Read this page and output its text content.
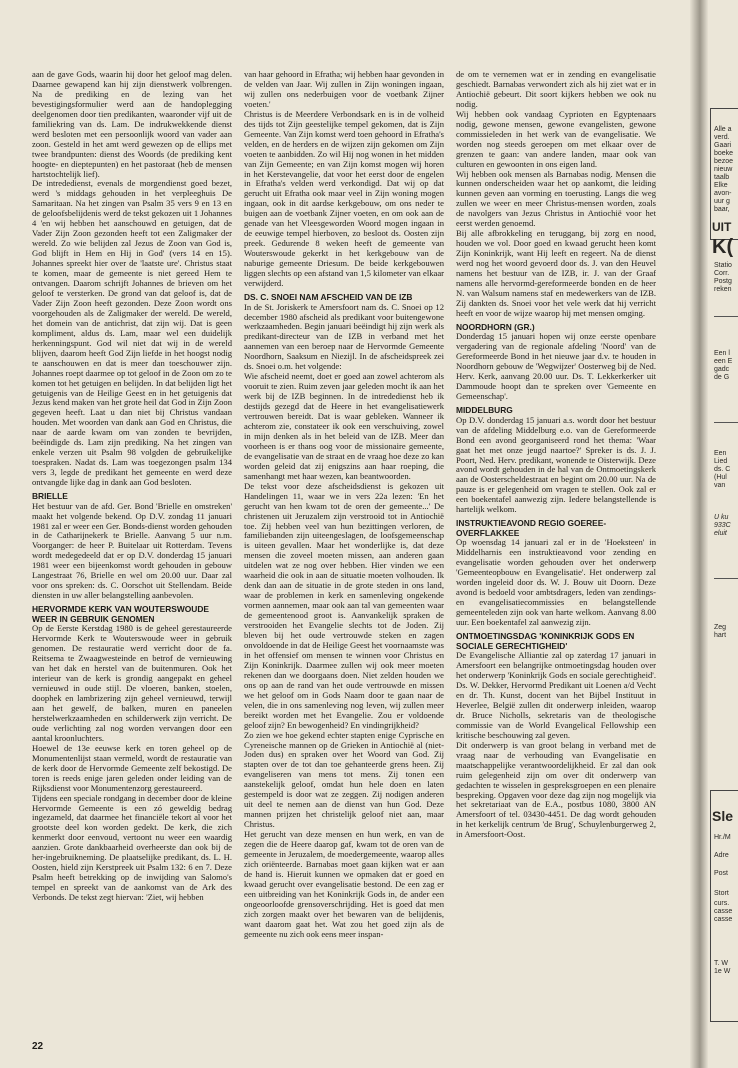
aan de gave Gods, waarin hij door het geloof mag delen. Daarnee gewapend kan hij zijn dienstwerk volbrengen. Na de prediking en de lezing van het bevestigingsformulier werd aan de handoplegging deelgenomen door tien predikanten, waaronder vijf uit de familiekring van ds. Lam. De indrukwekkende dienst werd besloten met een persoonlijk woord van vader aan zoon. Gesteld in het amt werd gewezen op de ellips met twee brandpunten: dienst des Woords (de prediking kent hoogte- en dieptepunten) en het pastoraat (heb de mensen hartstochtelijk lief).

De intrededienst, evenals de morgendienst goed bezet, werd 's middags gehouden in het verpleeghuis De Samaritaan. Na het zingen van Psalm 35 vers 9 en 13 en de geloofsbelijdenis werd de tekst gekozen uit 1 Johannes 4 'en wij hebben het aanschouwd en getuigen, dat de Vader Zijn Zoon gezonden heeft tot een Zaligmaker der wereld. Zo wie belijden zal Jezus de Zoon van God is, God blijft in Hem en Hij in God' (vers 14 en 15). Johannes spreekt hier over de 'laatste ure'. Christus staat te komen, maar de gemeente is niet gereed Hem te ontvangen. Daarom schrijft Johannes de brieven om het geloof te versterken. De grond van dat geloof is, dat de Vader Zijn Zoon heeft gezonden. Deze Zoon wordt ons voorgehouden als de Zaligmaker der wereld. De wereld, het domein van de antichrist, dat zijn wij. Dat is geen kompliment, aldus ds. Lam, maar wel een duidelijk herkenningspunt. God wil niet dat wij in de wereld blijven, daarom heeft God Zijn liefde in het hoogst nodig te aanschouwen en dat is meer dan toeschouwer zijn. Johannes roept daarmee op tot geloof in de Zoon om zo te komen tot het getuigen en belijden. In dat belijden ligt het getuigenis van de Heilige Geest en in het getuigenis dat Jezus kend maken van het grote heil dat God in Zijn Zoon gegeven heeft. Laat u dan niet bij Christus vandaan houden. Met woorden van dank aan God en Christus, die naar de aarde kwam om van zonden te bevrijden, beëindigde ds. Lam zijn prediking. Na het zingen van enkele verzen uit Psalm 98 volgden de gebruikelijke toespraken. Nadat ds. Lam was toegezongen psalm 134 vers 3, legde de predikant het gemeente en werd deze ontvangde lijke dag in dank aan God besloten.

BRIELLE

Het bestuur van de afd. Ger. Bond 'Brielle en omstreken' maakt het volgende bekend. Op D.V. zondag 11 januari 1981 zal er weer een Ger. Bonds-dienst worden gehouden in de Catharijnekerk te Brielle. Aanvang 5 uur n.m. Voorganger: de heer P. Buitelaar uit Rotterdam. Tevens wordt medegedeeld dat er op D.V. donderdag 15 januari 1981 weer een bijeenkomst wordt gehouden in gebouw Langestraat 76, Brielle en wel om 20.00 uur. Daar zal voor ons spreken: ds. C. Oorschot uit Stellendam. Beide diensten in uw aller belangstelling aanbevolen.

HERVORMDE KERK VAN WOUTERSWOUDE WEER IN GEBRUIK GENOMEN

Op de Eerste Kerstdag 1980 is de geheel gerestaureerde Hervormde Kerk te Wouterswoude weer in gebruik genomen. De restauratie werd verricht door de fa. Reitsema te Zwaagwesteinde en betrof de vernieuwing van het dak en herstel van de buitenmuren. Ook het interieur van de kerk is grondig aangepakt en geheel vernieuwd in oude stijl. De vloeren, banken, stoelen, doophek en lambrizering zijn geheel vernieuwd, terwijl aan het gewelf, de balken, muren en paneelen herstelwerkzaamheden en schilderwerk zijn verricht. De oude verlichting zal nog worden vervangen door een aantal kroonluchters.

Hoewel de 13e eeuwse kerk en toren geheel op de Monumentenlijst staan vermeld, wordt de restauratie van de kerk door de Hervormde Gemeente zelf bekostigd. De toren is reeds enige jaren geleden onder leiding van de Rijksdienst voor Monumentenzorg gerestaureerd.

Tijdens een speciale rondgang in december door de kleine Hervormde Gemeente is een zó geweldig bedrag ingezameld, dat daarmee het financiële tekort al voor het grootste deel kon worden gedekt. De kerk, die zich kenmerkt door eenvoud, vertoont nu weer een waardig aanzien. Grote dankbaarheid overheerste dan ook bij de her-ingebruikneming. De plaatselijke predikant, ds. L. H. Oosten, hield zijn Kerstpreek uit Psalm 132: 6 en 7. Deze Psalm heeft betrekking op de inwijding van Salomo's tempel en spreekt van de aankomst van de Ark des Verbonds. De tekst zegt hiervan: 'Ziet, wij hebben

van haar gehoord in Efratha; wij hebben haar gevonden in de velden van Jaar. Wij zullen in Zijn woningen ingaan, wij zullen ons nederbuigen voor de voetbank Zijner voeten.'

Christus is de Meerdere Verbondsark en is in de volheid des tijds tot Zijn geestelijke tempel gekomen, dat is Zijn Gemeente. Van Zijn komst werd toen gehoord in Efratha's velden, en de herders en de wijzen zijn gekomen om Zijn voeten te aanbidden. Zo wil Hij nog wonen in het midden van Zijn Gemeente; en van Zijn komst mogen wij horen in het Kerstevangelie, dat voor het eerst door de engelen in Efratha's velden werd verkondigd. Dat wij op dat gerucht uit Efratha ook maar veel in Zijn woning mogen ingaan, ook in dit aardse kerkgebouw, om ons neder te buigen aan de voetbank Zijner voeten, en om ook aan de genade van het Vleesgeworden Woord mogen ingaan in de eeuwige tempel hierboven, zo besloot ds. Oosten zijn preek. Gedurende 8 weken heeft de gemeente van Wouterswoude gekerkt in het kerkgebouw van de naburige gemeente Driesum. De beide kerkgebouwen liggen slechts op een afstand van 1,5 kilometer van elkaar verwijderd.

DS. C. SNOEI NAM AFSCHEID VAN DE IZB

In de St. Joriskerk te Amersfoort nam ds. C. Snoei op 12 december 1980 afscheid als predikant voor buitengewone werkzaamheden. Begin januari beëindigt hij zijn werk als predikant-directeur van de IZB in verband met het aannemen van een beroep naar de Hervormde Gemeente Noordhorn, Saaksum en Niezijl. In de afscheidspreek zei ds. Snoei o.m. het volgende:

Wie afscheid neemt, doet er goed aan zowel achterom als vooruit te zien. Ruim zeven jaar geleden mocht ik aan het werk bij de IZB beginnen. In de intrededienst heb ik destijds gezegd dat de Heere in het evangelisatiewerk vertrouwen bereidt. Dat is waar gebleken. Wanneer ik achterom zie, constateer ik ook een verschuiving, zowel in mijn denken als in het beleid van de IZB. Meer dan voorheen is er thans oog voor de missionaire gemeente, de evangelisatie van de straat en de vraag hoe deze zo kan worden geleid dat zij enigszins aan haar roeping, die samenhangt met haar wezen, kan beantwoorden.

De tekst voor deze afscheidsdienst is gekozen uit Handelingen 11, waar we in vers 22a lezen: 'En het gerucht van hen kwam tot de oren der gemeente...' De christenen uit Jeruzalem zijn verstrooid tot in Antiochië toe. Zij hebben veel van hun bezittingen verloren, de familiebanden zijn uiteengeslagen, de loofsgemeenschap is uiteen gevallen. Maar het wonderlijke is, dat deze mensen die zoveel moeten missen, aan anderen gaan uitdelen wat ze nog over hebben. Hier vinden we een waarheid die ook in aan de situatie moeten volhouden. Ik denk dan aan de situatie in de grote steden in ons land, waar de problemen in kerk en samenleving ongekende vormen aannemen, maar ook aan tal van gemeenten waar de gemeentenood groot is. Aanvankelijk spraken de verstrooiden het Evangelie slechts tot de Joden. Zij bleven bij het oude vertrouwde steken en zagen onvoldoende in dat de Heilige Geest het voornaamste was in het offensief om mensen te winnen voor Christus en Zijn Koninkrijk. Daarmee zullen wij ook meer moeten rekenen dan we doorgaans doen. Niet zelden houden we ons op aan de rand van het oude vertrouwde en missen we het geloof om in Gods Naam door te gaan naar de velen, die in ons samenleving nog leven, wij zullen meer bereikt worden met het Evangelie. Zou er voldoende geloof zijn? En bewogenheid? En vindingrijkheid?

Zo zien we hoe gekend echter stapten enige Cyprische en Cyreneische mannen op de Grieken in Antiochië al (niet-Joden dus) en spraken over het Woord van God. Zij stapten over de tot dan toe gehanteerde grens heen. Zij evangeliseren van mens tot mens. Zij tonen een aanstekelijk geloof, omdat hun hele doen en laten gestempeld is door wat ze zeggen. Zij nodigen anderen uit deel te nemen aan de dienst van hun God. Deze mannen prijzen het christelijk geloof niet aan, maar Christus.

Het gerucht van deze mensen en hun werk, en van de zegen die de Heere daarop gaf, kwam tot de oren van de gemeente in Jeruzalem, de moedergemeente, waarop alles zich oriënteerde. Barnabas moet gaan kijken wat er aan de hand is. Hieruit kunnen we opmaken dat er goed en kwaad gerucht over evangelisatie bestond. De een zag er een uitbreiding van het Koninkrijk Gods in, de ander een ongeoorloofde grensoverschrijding. Het is goed dat men zich zorgen maakt over het bewaren van de belijdenis, want daarom gaat het. Wat zou het goed zijn als de gemeente nu zich ook eens meer inspan-

de om te vernemen wat er in zending en evangelisatie geschiedt. Barnabas verwondert zich als hij ziet wat er in Antiochië gebeurt. Dit soort kijkers hebben we ook nu nodig.

Wij hebben ook vandaag Cyprioten en Egyptenaars nodig, gewone mensen, gewone evangelisten, gewone commissieleden in het werk van de evangelisatie. We worden nog steeds geroepen om met elkaar over de grenzen te gaan: van andere landen, maar ook van culturen en gewoonten in ons eigen land.

Wij hebben ook mensen als Barnabas nodig. Mensen die kunnen onderscheiden waar het op aankomt, die leiding kunnen geven aan vorming en toerusting. Langs die weg zullen we weer en meer Christus-mensen worden, zoals de navolgers van Jezus Christus in Antiochië voor het eerst werden genoemd.

Bij alle afbrokkeling en teruggang, bij zorg en nood, houden we vol. Door goed en kwaad gerucht heen komt Zijn Koninkrijk, want Hij leeft en regeert. Na de dienst werd nog het woord gevoerd door ds. J. van den Heuvel namens het bestuur van de IZB, ir. J. van der Graaf namens alle hervormd-gereformeerde bonden en de heer N. van Walsum namens staf en medewerkers van de IZB. Zij dankten ds. Snoei voor het vele werk dat hij verricht heeft en voor de wijze waarop hij met mensen omging.

NOORDHORN (GR.)

Donderdag 15 januari hopen wij onze eerste openbare vergadering van de regionale afdeling 'Noord' van de Gereformeerde Bond in het nieuwe jaar d.v. te houden in Noordhorn gebouw de 'Wegwijzer' Oosterweg bij de Ned. Herv. Kerk, aanvang 20.00 uur. Ds. T. Lekkerkerker uit Dammoude hoopt dan te spreken over 'Gemeente en Gemeenschap'.

MIDDELBURG

Op D.V. donderdag 15 januari a.s. wordt door het bestuur van de afdeling Middelburg e.o. van de Gereformeerde Bond een avond georganiseerd rond het thema: 'Waar gaat het met onze jeugd naartoe?' Spreker is ds. J. J. Poort, Ned. Herv. predikant, wonende te Oisterwijk. Deze avond wordt gehouden in de hal van de Ontmoetingskerk aan de Oosterscheldestraat en begint om 20.00 uur. Na de pauze is er gelegenheid om vragen te stellen. Ook zal er een boekentafel aanwezig zijn. Iedere belangstellende is hartelijk welkom.

INSTRUKTIEAVOND REGIO GOEREE-OVERFLAKKEE

Op woensdag 14 januari zal er in de 'Hoeksteen' in Middelharnis een instruktieavond voor zending en evangelisatie worden gehouden over het onderwerp 'Gemeenteopbouw en Evangelisatie'. Het onderwerp zal worden ingeleid door ds. W. J. Bouw uit Doorn. Deze avond is bedoeld voor ambtsdragers, leden van zendings- en evangelisatiecommissies en belangstellende gemeenteleden zijn ook van harte welkom. Aanvang 8.00 uur. Een boekentafel zal aanwezig zijn.

ONTMOETINGSDAG 'KONINKRIJK GODS EN SOCIALE GERECHTIGHEID'

De Evangelische Alliantie zal op zaterdag 17 januari in Amersfoort een belangrijke ontmoetingsdag houden over het onderwerp 'Koninkrijk Gods en sociale gerechtigheid'. Ds. W. Dekker, Hervormd Predikant uit Loenen a/d Vecht en dr. Th. Kunst, docent van het Bijbel Instituut in Heverlee, België zullen dit onderwerp inleiden, waarop dr. Bruce Nicholls, sekretaris van de theologische commissie van de World Evangelical Fellowship een kritische beschouwing zal geven.

Dit onderwerp is van groot belang in verband met de vraag naar de verhouding van Evangelisatie en maatschappelijke verantwoordelijkheid. Er zal dan ook ruim gelegenheid zijn om over dit onderwerp van gedachten te wisselen in gespreksgroepen en een plenaire bespreking. Opgaven voor deze dag zijn nog mogelijk via het sekretariaat van de E.A., postbus 1080, 3800 AN Amersfoort of tel. 03430-4451. De dag wordt gehouden in het kerkelijk centrum 'de Brug', Schuylenburgerweg 2, in Amersfoort-Oost.

22
Alle a
verd.
Gaari
boeke
bezoe
nieuw
taalb
Elke
avon-
uur g
baar,
UIT
K(
Statio
Corr.
Postg
reken
Een l
een E
gadc
de G
Een
Lied
ds. C
(Hul
van
U ku
933C
eluit
Zeg
hart
Sle
Hr./M
Adre
Post
Stort
curs.
casse
casse
T. W
1e W
